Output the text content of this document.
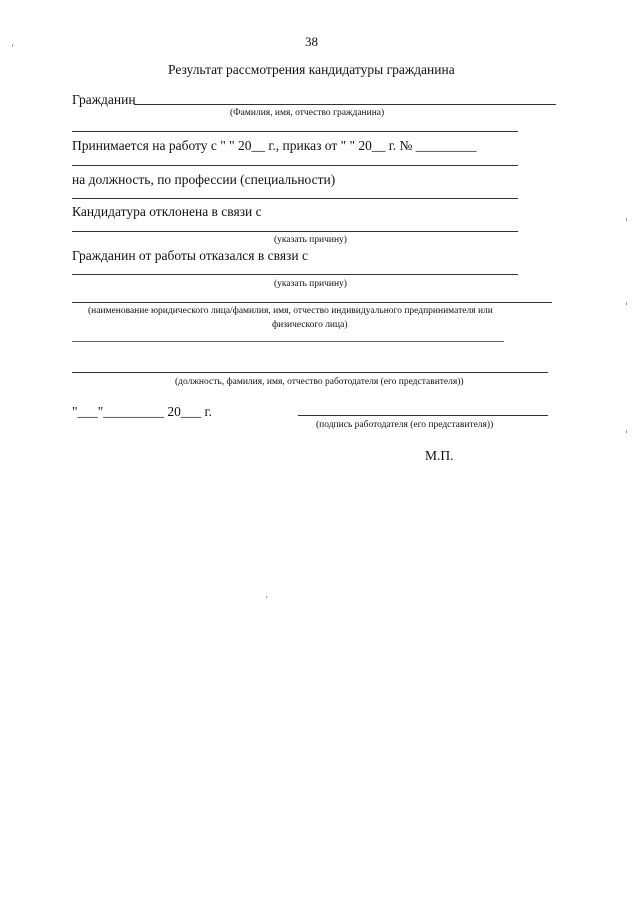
38
Результат рассмотрения кандидатуры гражданина
Гражданин
(Фамилия, имя, отчество гражданина)
Принимается на работу с " " 20__ г., приказ от " " 20__ г. № _________
на должность, по профессии (специальности)
Кандидатура отклонена в связи с
(указать причину)
Гражданин от работы отказался в связи с
(указать причину)
(наименование юридического лица/фамилия, имя, отчество индивидуального предпринимателя или
физического лица)
(должность, фамилия, имя, отчество работодателя (его представителя))
"___"_________ 20___ г.
(подпись работодателя (его представителя))
М.П.
